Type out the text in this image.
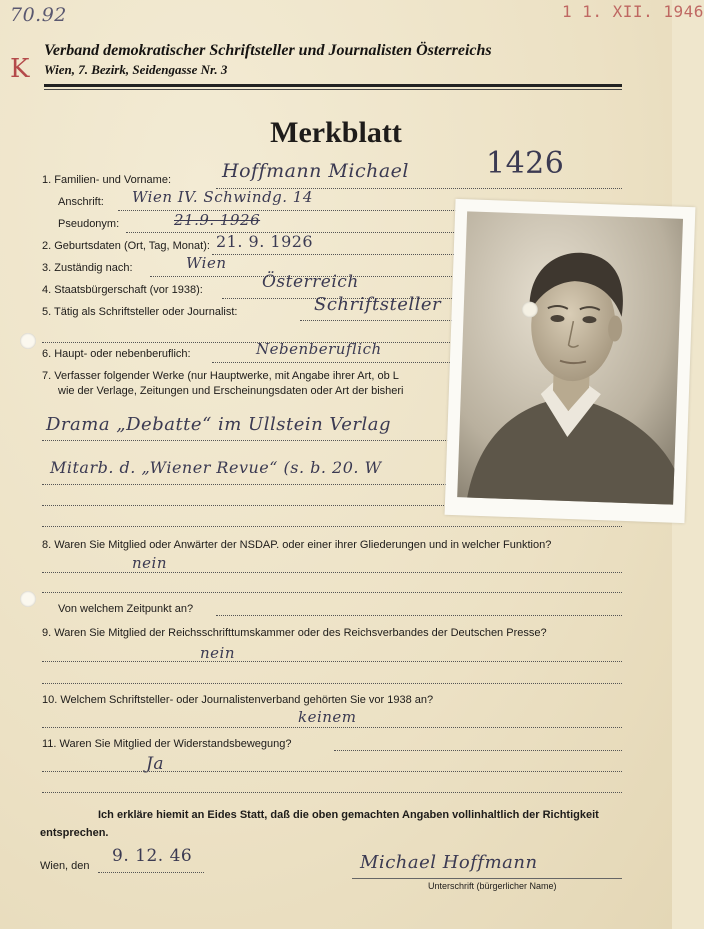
70.92
K
1 1. XII. 1946
Verband demokratischer Schriftsteller und Journalisten Österreichs
Wien, 7. Bezirk, Seidengasse Nr. 3
Merkblatt
1426
1. Familien- und Vorname:	Hoffmann Michael
Anschrift: Wien IV. Schwindg. 14
Pseudonym:	21.9. 1926
2. Geburtsdaten (Ort, Tag, Monat): 21. 9. 1926
3. Zuständig nach:	Wien
4. Staatsbürgerschaft (vor 1938):	Österreich
5. Tätig als Schriftsteller oder Journalist:	Schriftsteller
6. Haupt- oder nebenberuflich:	Nebenberuflich
7. Verfasser folgender Werke (nur Hauptwerke, mit Angabe ihrer Art, ob L
wie der Verlage, Zeitungen und Erscheinungsdaten oder Art der bisheri
Drama „Debatte“ im Ullstein Verlag
Mitarb. d. „Wiener Revue“ (s. b. 20. W
8. Waren Sie Mitglied oder Anwärter der NSDAP. oder einer ihrer Gliederungen und in welcher Funktion?
nein
Von welchem Zeitpunkt an?
9. Waren Sie Mitglied der Reichsschrifttumskammer oder des Reichsverbandes der Deutschen Presse?
nein
10. Welchem Schriftsteller- oder Journalistenverband gehörten Sie vor 1938 an?
keinem
11. Waren Sie Mitglied der Widerstandsbewegung?
Ja
Ich erkläre hiemit an Eides Statt, daß die oben gemachten Angaben vollinhaltlich der Richtigkeit entsprechen.
Wien, den 9. 12. 46	Michael Hoffmann
Unterschrift (bürgerlicher Name)
